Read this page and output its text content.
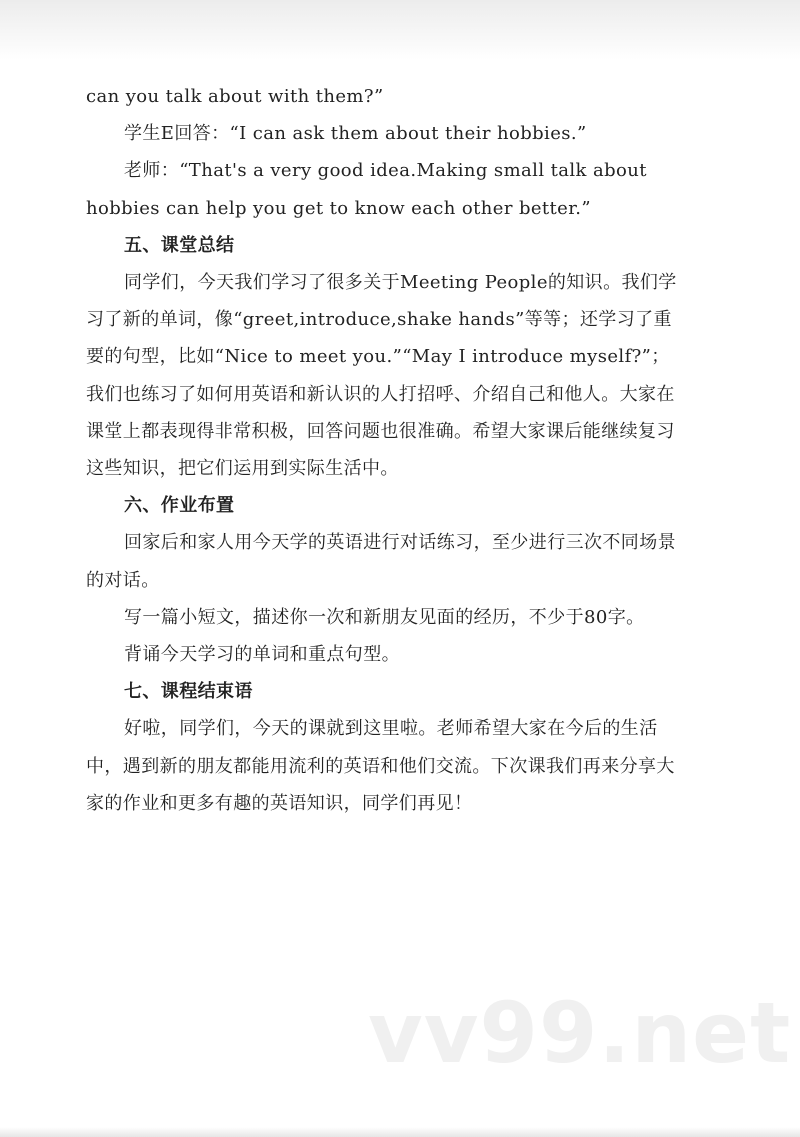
can you talk about with them?”

学生E回答：“I can ask them about their hobbies.”

老师：“That's a very good idea.Making small talk about

hobbies can help you get to know each other better.”

五、课堂总结

同学们，今天我们学习了很多关于Meeting People的知识。我们学

习了新的单词，像“greet,introduce,shake hands”等等；还学习了重

要的句型，比如“Nice to meet you.”“May I introduce myself?”；

我们也练习了如何用英语和新认识的人打招呼、介绍自己和他人。大家在

课堂上都表现得非常积极，回答问题也很准确。希望大家课后能继续复习

这些知识，把它们运用到实际生活中。

六、作业布置

回家后和家人用今天学的英语进行对话练习，至少进行三次不同场景

的对话。

写一篇小短文，描述你一次和新朋友见面的经历，不少于80字。

背诵今天学习的单词和重点句型。

七、课程结束语

好啦，同学们，今天的课就到这里啦。老师希望大家在今后的生活

中，遇到新的朋友都能用流利的英语和他们交流。下次课我们再来分享大

家的作业和更多有趣的英语知识，同学们再见！

vv99.net
